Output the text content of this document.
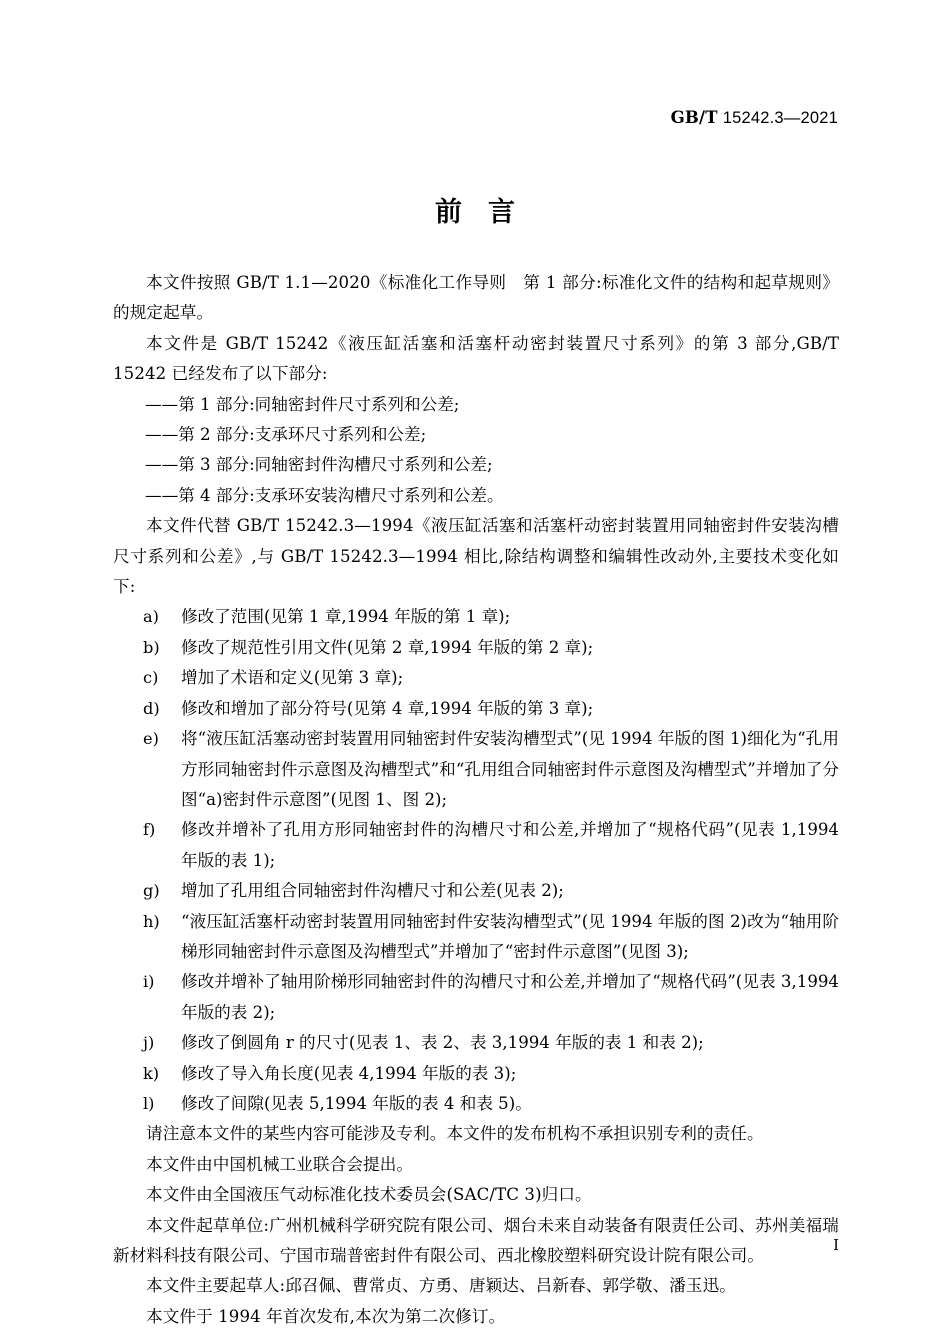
GB/T 15242.3—2021
前言

本文件按照 GB/T 1.1—2020《标准化工作导则　第 1 部分:标准化文件的结构和起草规则》的规定起草。

本文件是 GB/T 15242《液压缸活塞和活塞杆动密封装置尺寸系列》的第 3 部分,GB/T 15242 已经发布了以下部分:

——第 1 部分:同轴密封件尺寸系列和公差;
——第 2 部分:支承环尺寸系列和公差;
——第 3 部分:同轴密封件沟槽尺寸系列和公差;
——第 4 部分:支承环安装沟槽尺寸系列和公差。

本文件代替 GB/T 15242.3—1994《液压缸活塞和活塞杆动密封装置用同轴密封件安装沟槽尺寸系列和公差》,与 GB/T 15242.3—1994 相比,除结构调整和编辑性改动外,主要技术变化如下:

a)	修改了范围(见第 1 章,1994 年版的第 1 章);
b)	修改了规范性引用文件(见第 2 章,1994 年版的第 2 章);
c)	增加了术语和定义(见第 3 章);
d)	修改和增加了部分符号(见第 4 章,1994 年版的第 3 章);
e)	将“液压缸活塞动密封装置用同轴密封件安装沟槽型式”(见 1994 年版的图 1)细化为“孔用方形同轴密封件示意图及沟槽型式”和“孔用组合同轴密封件示意图及沟槽型式”并增加了分图“a)密封件示意图”(见图 1、图 2);
f)	修改并增补了孔用方形同轴密封件的沟槽尺寸和公差,并增加了“规格代码”(见表 1,1994 年版的表 1);
g)	增加了孔用组合同轴密封件沟槽尺寸和公差(见表 2);
h)	“液压缸活塞杆动密封装置用同轴密封件安装沟槽型式”(见 1994 年版的图 2)改为“轴用阶梯形同轴密封件示意图及沟槽型式”并增加了“密封件示意图”(见图 3);
i)	修改并增补了轴用阶梯形同轴密封件的沟槽尺寸和公差,并增加了“规格代码”(见表 3,1994 年版的表 2);
j)	修改了倒圆角 r 的尺寸(见表 1、表 2、表 3,1994 年版的表 1 和表 2);
k)	修改了导入角长度(见表 4,1994 年版的表 3);
l)	修改了间隙(见表 5,1994 年版的表 4 和表 5)。

请注意本文件的某些内容可能涉及专利。本文件的发布机构不承担识别专利的责任。

本文件由中国机械工业联合会提出。

本文件由全国液压气动标准化技术委员会(SAC/TC 3)归口。

本文件起草单位:广州机械科学研究院有限公司、烟台未来自动装备有限责任公司、苏州美福瑞新材料科技有限公司、宁国市瑞普密封件有限公司、西北橡胶塑料研究设计院有限公司。

本文件主要起草人:邱召佩、曹常贞、方勇、唐颖达、吕新春、郭学敬、潘玉迅。

本文件于 1994 年首次发布,本次为第二次修订。

I
